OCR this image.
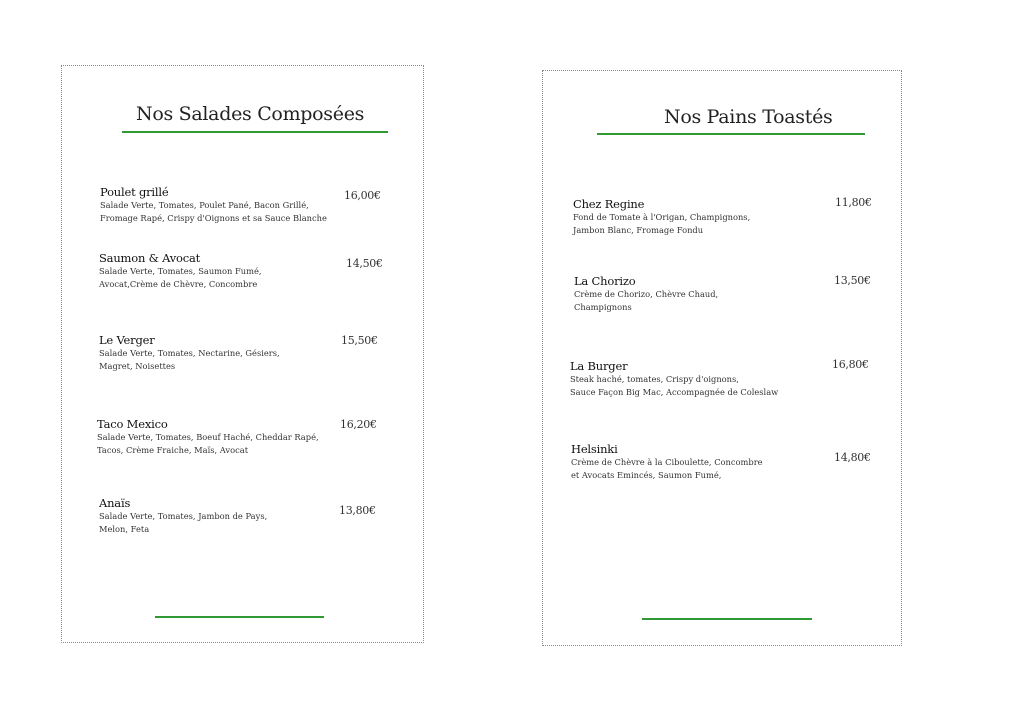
Nos Salades Composées
Poulet grillé
Salade Verte, Tomates, Poulet Pané, Bacon Grillé,
Fromage Rapé, Crispy d'Oignons et sa Sauce Blanche
16,00€
Saumon & Avocat
Salade Verte, Tomates, Saumon Fumé,
Avocat,Crème de Chèvre, Concombre
14,50€
Le Verger
Salade Verte, Tomates, Nectarine, Gésiers,
Magret, Noisettes
15,50€
Taco Mexico
Salade Verte, Tomates, Boeuf Haché, Cheddar Rapé,
Tacos, Crème Fraiche, Maïs, Avocat
16,20€
Anaïs
Salade Verte, Tomates, Jambon de Pays,
Melon, Feta
13,80€
Nos Pains Toastés
Chez Regine
Fond de Tomate à l'Origan, Champignons,
Jambon Blanc, Fromage Fondu
11,80€
La Chorizo
Crème de Chorizo, Chèvre Chaud,
Champignons
13,50€
La Burger
Steak haché, tomates, Crispy d'oignons,
Sauce Façon Big Mac, Accompagnée de Coleslaw
16,80€
Helsinki
Crème de Chèvre à la Ciboulette, Concombre
et Avocats Emincés, Saumon Fumé,
14,80€
